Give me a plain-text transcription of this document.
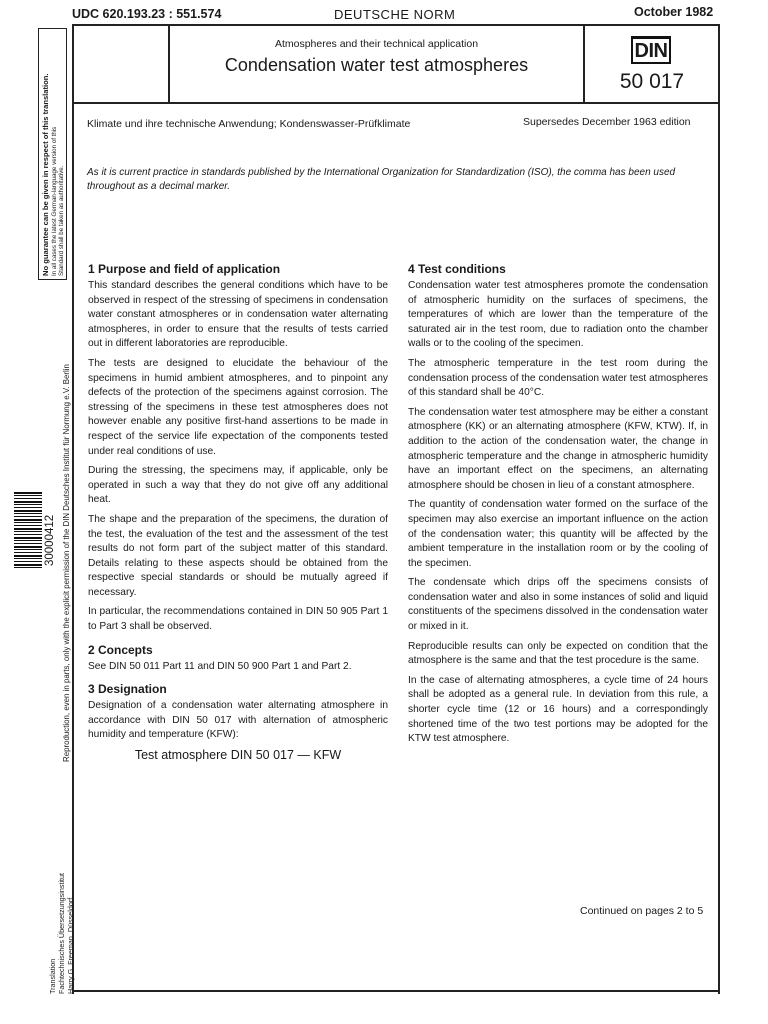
UDC 620.193.23 : 551.574	DEUTSCHE NORM	October 1982
Atmospheres and their technical application
Condensation water test atmospheres
DIN
50 017
Klimate und ihre technische Anwendung; Kondenswasser-Prüfklimate	Supersedes December 1963 edition
As it is current practice in standards published by the International Organization for Standardization (ISO), the comma has been used throughout as a decimal marker.
1 Purpose and field of application

This standard describes the general conditions which have to be observed in respect of the stressing of specimens in condensation water constant atmospheres or in condensation water alternating atmospheres, in order to ensure that the results of tests carried out in different laboratories are reproducible.

The tests are designed to elucidate the behaviour of the specimens in humid ambient atmospheres, and to pinpoint any defects of the protection of the specimens against corrosion. The stressing of the specimens in these test atmospheres does not however enable any positive first-hand assertions to be made in respect of the service life expectation of the components tested under real conditions of use.

During the stressing, the specimens may, if applicable, only be operated in such a way that they do not give off any additional heat.

The shape and the preparation of the specimens, the duration of the test, the evaluation of the test and the assessment of the test results do not form part of the subject matter of this standard. Details relating to these aspects should be obtained from the respective special standards or should be mutually agreed if necessary.

In particular, the recommendations contained in DIN 50 905 Part 1 to Part 3 shall be observed.

2 Concepts

See DIN 50 011 Part 11 and DIN 50 900 Part 1 and Part 2.

3 Designation

Designation of a condensation water alternating atmosphere in accordance with DIN 50 017 with alternation of atmospheric humidity and temperature (KFW):

Test atmosphere DIN 50 017 — KFW
4 Test conditions

Condensation water test atmospheres promote the condensation of atmospheric humidity on the surfaces of specimens, the temperatures of which are lower than the temperature of the saturated air in the test room, due to radiation onto the chamber walls or to the cooling of the specimen.

The atmospheric temperature in the test room during the condensation process of the condensation water test atmospheres of this standard shall be 40°C.

The condensation water test atmosphere may be either a constant atmosphere (KK) or an alternating atmosphere (KFW, KTW). If, in addition to the action of the condensation water, the change in atmospheric temperature and the change in atmospheric humidity have an important effect on the specimens, an alternating atmosphere should be chosen in lieu of a constant atmosphere.

The quantity of condensation water formed on the surface of the specimen may also exercise an important influence on the action of the condensation water; this quantity will be affected by the ambient temperature in the installation room or by the cooling of the specimen.

The condensate which drips off the specimens consists of condensation water and also in some instances of solid and liquid constituents of the specimens dissolved in the condensation water or mixed in it.

Reproducible results can only be expected on condition that the atmosphere is the same and that the test procedure is the same.

In the case of alternating atmospheres, a cycle time of 24 hours shall be adopted as a general rule. In deviation from this rule, a shorter cycle time (12 or 16 hours) and a correspondingly shortened time of the two test portions may be adopted for the KTW test atmosphere.

Continued on pages 2 to 5
No guarantee can be given in respect of this translation. In all cases the latest German-language version of this Standard shall be taken as authoritative.
Reproduction, even in parts, only with the explicit permission of the DIN Deutsches Institut für Normung e.V. Berlin
30000412
Translation Fachtechnisches Übersetzungsinstitut Harry G. Freeman, Düsseldorf
